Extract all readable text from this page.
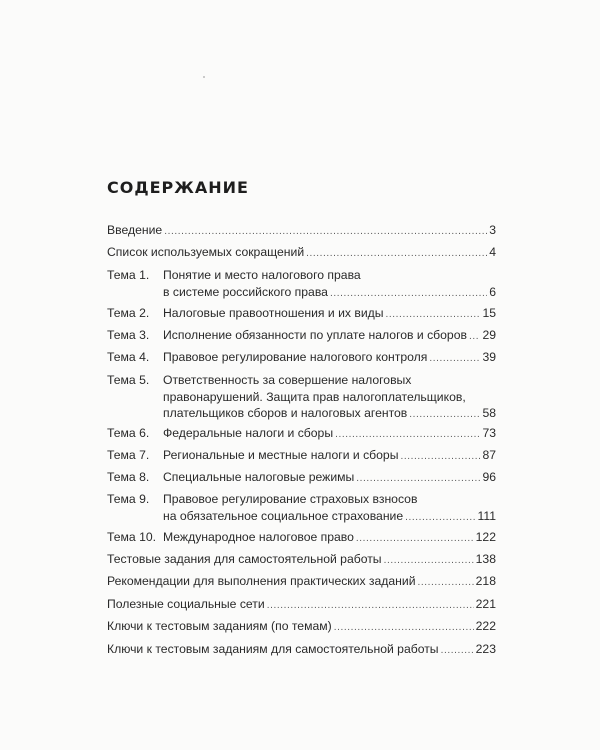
СОДЕРЖАНИЕ
Введение .....	3
Список используемых сокращений .....	4
Тема 1.	Понятие и место налогового права
в системе российского права .....	6
Тема 2.	Налоговые правоотношения и их виды .....	15
Тема 3.	Исполнение обязанности по уплате налогов и сборов ..... 29
Тема 4.	Правовое регулирование налогового контроля .....	39
Тема 5.	Ответственность за совершение налоговых
правонарушений. Защита прав налогоплательщиков,
плательщиков сборов и налоговых агентов .....	58
Тема 6.	Федеральные налоги и сборы .....	73
Тема 7.	Региональные и местные налоги и сборы .....	87
Тема 8.	Специальные налоговые режимы .....	96
Тема 9.	Правовое регулирование страховых взносов
на обязательное социальное страхование .....	111
Тема 10. Международное налоговое право .....	122
Тестовые задания для самостоятельной работы .....	138
Рекомендации для выполнения практических заданий .....	218
Полезные социальные сети .....	221
Ключи к тестовым заданиям (по темам) .....	222
Ключи к тестовым заданиям для самостоятельной работы .....	223
